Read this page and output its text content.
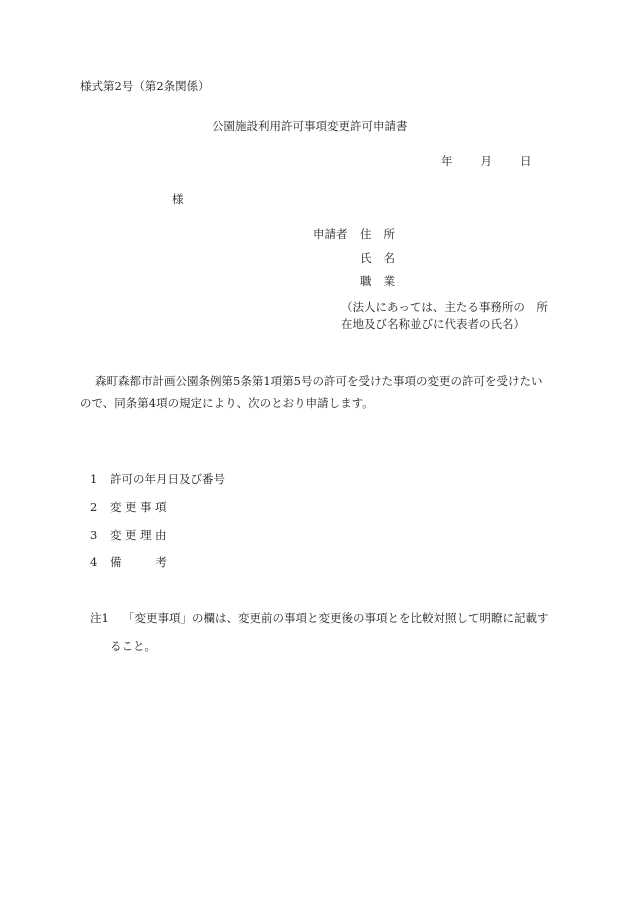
様式第2号（第2条関係）
公園施設利用許可事項変更許可申請書
年 月 日
様
申請者 住 所
氏 名
職 業
（法人にあっては、主たる事務所の　所
在地及び名称並びに代表者の氏名）
森町森都市計画公園条例第5条第1項第5号の許可を受けた事項の変更の許可を受けたい
ので、同条第4項の規定により、次のとおり申請します。
1 許可の年月日及び番号
2 変更事項
3 変更理由
4 備	考
注1 「変更事項」の欄は、変更前の事項と変更後の事項とを比較対照して明瞭に記載す
ること。
